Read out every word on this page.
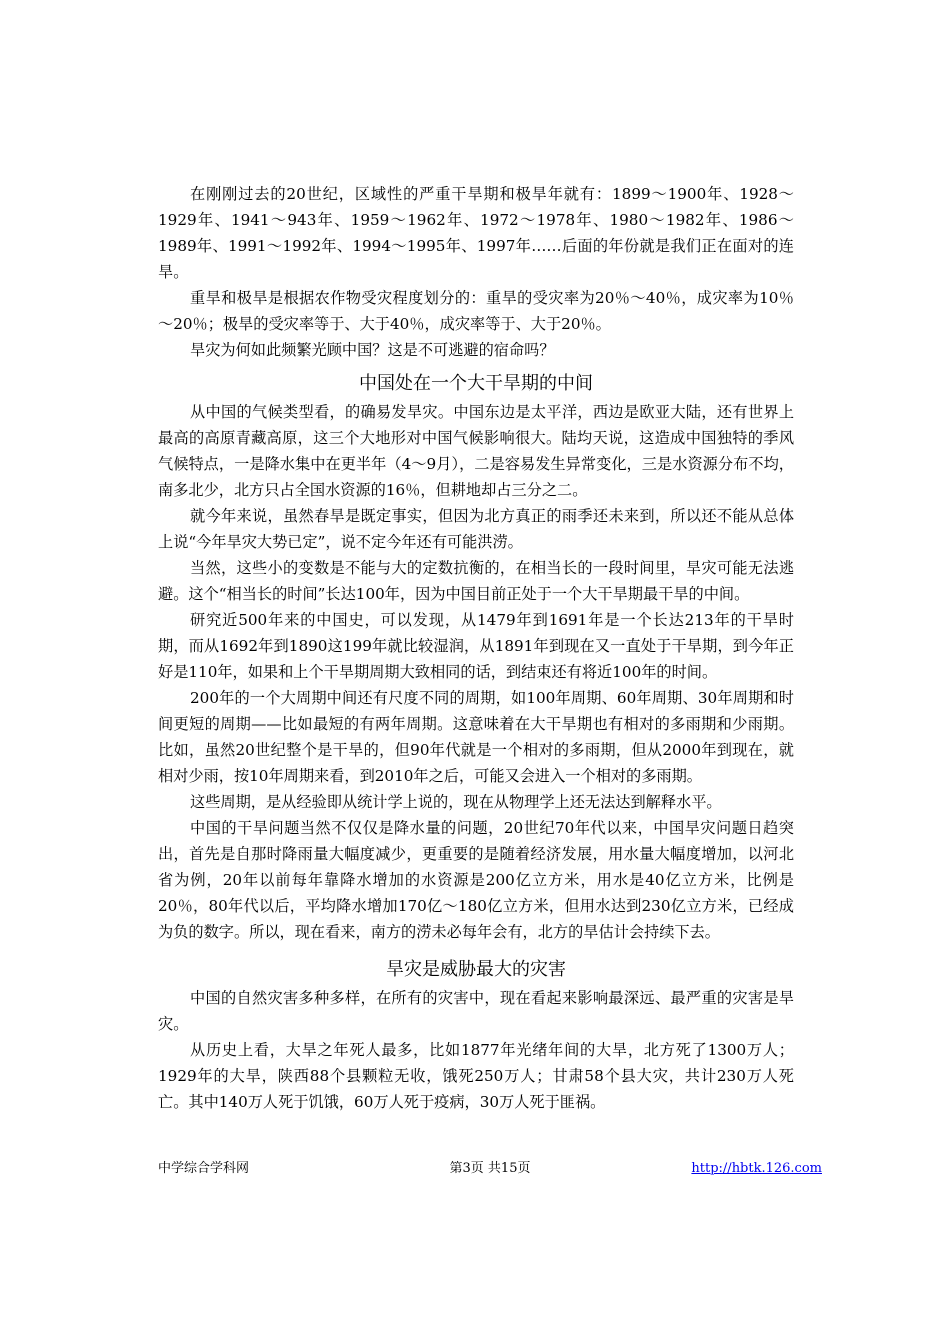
在刚刚过去的20世纪，区域性的严重干旱期和极旱年就有：1899～1900年、1928～1929年、1941～943年、1959～1962年、1972～1978年、1980～1982年、1986～1989年、1991～1992年、1994～1995年、1997年……后面的年份就是我们正在面对的连旱。

重旱和极旱是根据农作物受灾程度划分的：重旱的受灾率为20％～40％，成灾率为10％～20％；极旱的受灾率等于、大于40％，成灾率等于、大于20％。

旱灾为何如此频繁光顾中国？这是不可逃避的宿命吗？

中国处在一个大干旱期的中间

从中国的气候类型看，的确易发旱灾。中国东边是太平洋，西边是欧亚大陆，还有世界上最高的高原青藏高原，这三个大地形对中国气候影响很大。陆均天说，这造成中国独特的季风气候特点，一是降水集中在更半年（4～9月），二是容易发生异常变化，三是水资源分布不均，南多北少，北方只占全国水资源的16％，但耕地却占三分之二。

就今年来说，虽然春旱是既定事实，但因为北方真正的雨季还未来到，所以还不能从总体上说“今年旱灾大势已定”，说不定今年还有可能洪涝。

当然，这些小的变数是不能与大的定数抗衡的，在相当长的一段时间里，旱灾可能无法逃避。这个“相当长的时间”长达100年，因为中国目前正处于一个大干旱期最干旱的中间。

研究近500年来的中国史，可以发现，从1479年到1691年是一个长达213年的干旱时期，而从1692年到1890这199年就比较湿润，从1891年到现在又一直处于干旱期，到今年正好是110年，如果和上个干旱期周期大致相同的话，到结束还有将近100年的时间。

200年的一个大周期中间还有尺度不同的周期，如100年周期、60年周期、30年周期和时间更短的周期——比如最短的有两年周期。这意味着在大干旱期也有相对的多雨期和少雨期。比如，虽然20世纪整个是干旱的，但90年代就是一个相对的多雨期，但从2000年到现在，就相对少雨，按10年周期来看，到2010年之后，可能又会进入一个相对的多雨期。

这些周期，是从经验即从统计学上说的，现在从物理学上还无法达到解释水平。

中国的干旱问题当然不仅仅是降水量的问题，20世纪70年代以来，中国旱灾问题日趋突出，首先是自那时降雨量大幅度减少，更重要的是随着经济发展，用水量大幅度增加，以河北省为例，20年以前每年靠降水增加的水资源是200亿立方米，用水是40亿立方米，比例是20％，80年代以后，平均降水增加170亿～180亿立方米，但用水达到230亿立方米，已经成为负的数字。所以，现在看来，南方的涝未必每年会有，北方的旱估计会持续下去。

旱灾是威胁最大的灾害

中国的自然灾害多种多样，在所有的灾害中，现在看起来影响最深远、最严重的灾害是旱灾。

从历史上看，大旱之年死人最多，比如1877年光绪年间的大旱，北方死了1300万人；1929年的大旱，陕西88个县颗粒无收，饿死250万人；甘肃58个县大灾，共计230万人死亡。其中140万人死于饥饿，60万人死于疫病，30万人死于匪祸。

中学综合学科网	第3页 共15页	http://hbtk.126.com
